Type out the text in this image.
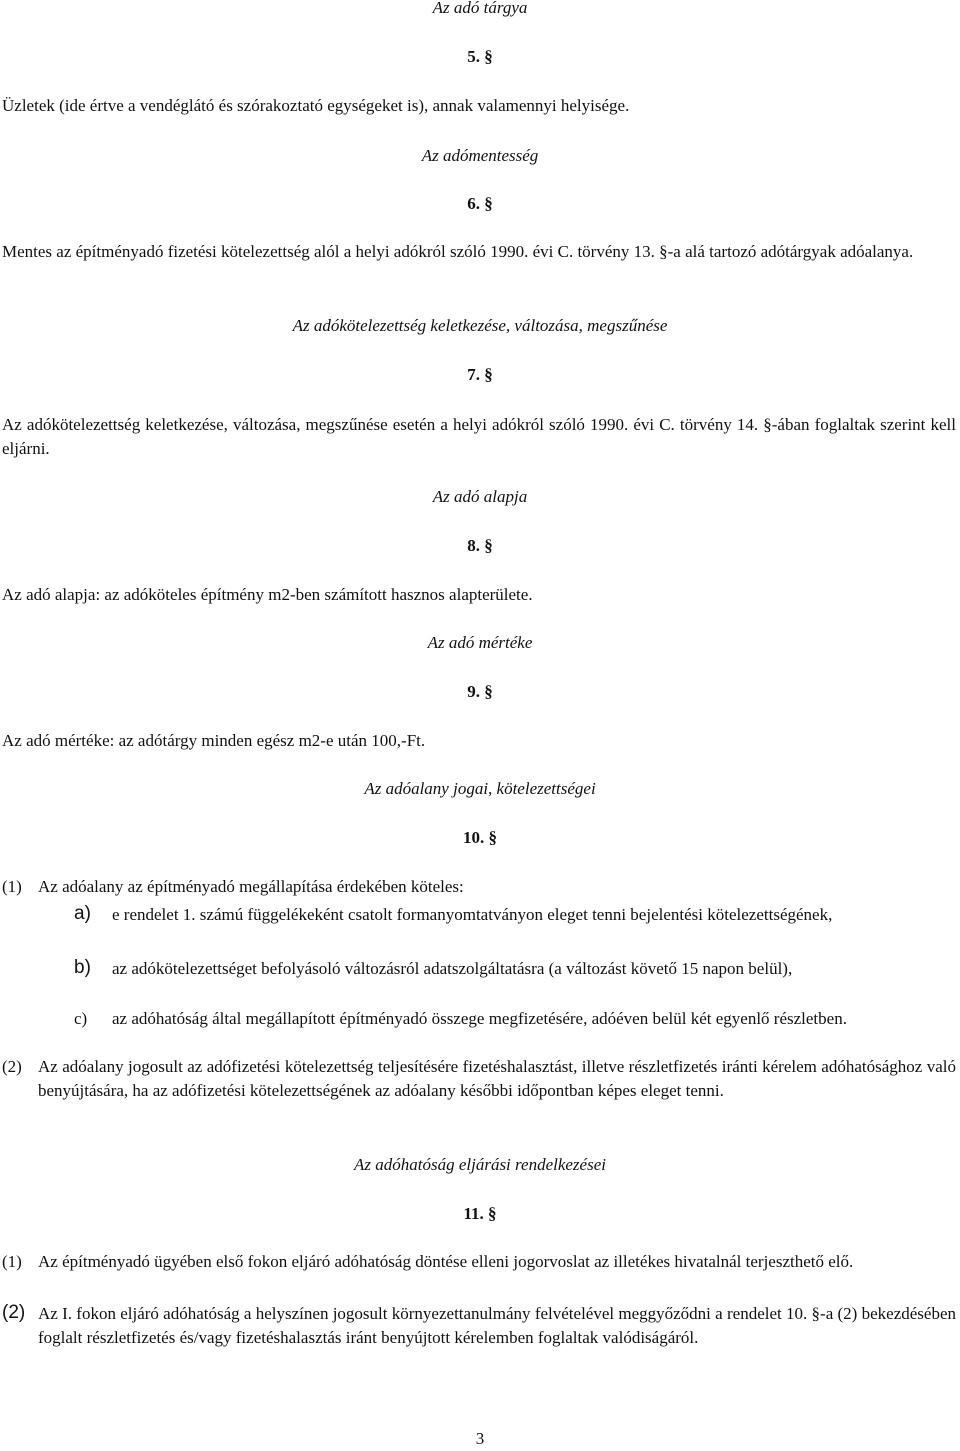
Az adó tárgya
5. §
Üzletek (ide értve a vendéglátó és szórakoztató egységeket is), annak valamennyi helyisége.
Az adómentesség
6. §
Mentes az építményadó fizetési kötelezettség alól a helyi adókról szóló 1990. évi C. törvény 13. §-a alá tartozó adótárgyak adóalanya.
Az adókötelezettség keletkezése, változása, megszűnése
7. §
Az adókötelezettség keletkezése, változása, megszűnése esetén a helyi adókról szóló 1990. évi C. törvény 14. §-ában foglaltak szerint kell eljárni.
Az adó alapja
8. §
Az adó alapja: az adóköteles építmény m2-ben számított hasznos alapterülete.
Az adó mértéke
9. §
Az adó mértéke: az adótárgy minden egész m2-e után 100,-Ft.
Az adóalany jogai, kötelezettségei
10. §
(1) Az adóalany az építményadó megállapítása érdekében köteles:
a) e rendelet 1. számú függelékeként csatolt formanyomtatványon eleget tenni bejelentési kötelezettségének,
b) az adókötelezettséget befolyásoló változásról adatszolgáltatásra (a változást követő 15 napon belül),
c) az adóhatóság által megállapított építményadó összege megfizetésére, adóéven belül két egyenlő részletben.
(2) Az adóalany jogosult az adófizetési kötelezettség teljesítésére fizetéshalasztást, illetve részletfizetés iránti kérelem adóhatósághoz való benyújtására, ha az adófizetési kötelezettségének az adóalany későbbi időpontban képes eleget tenni.
Az adóhatóság eljárási rendelkezései
11. §
(1) Az építményadó ügyében első fokon eljáró adóhatóság döntése elleni jogorvoslat az illetékes hivatalnál terjeszthető elő.
(2) Az I. fokon eljáró adóhatóság a helyszínen jogosult környezettanulmány felvételével meggyőződni a rendelet 10. §-a (2) bekezdésében foglalt részletfizetés és/vagy fizetéshalasztás iránt benyújtott kérelemben foglaltak valódiságáról.
3
